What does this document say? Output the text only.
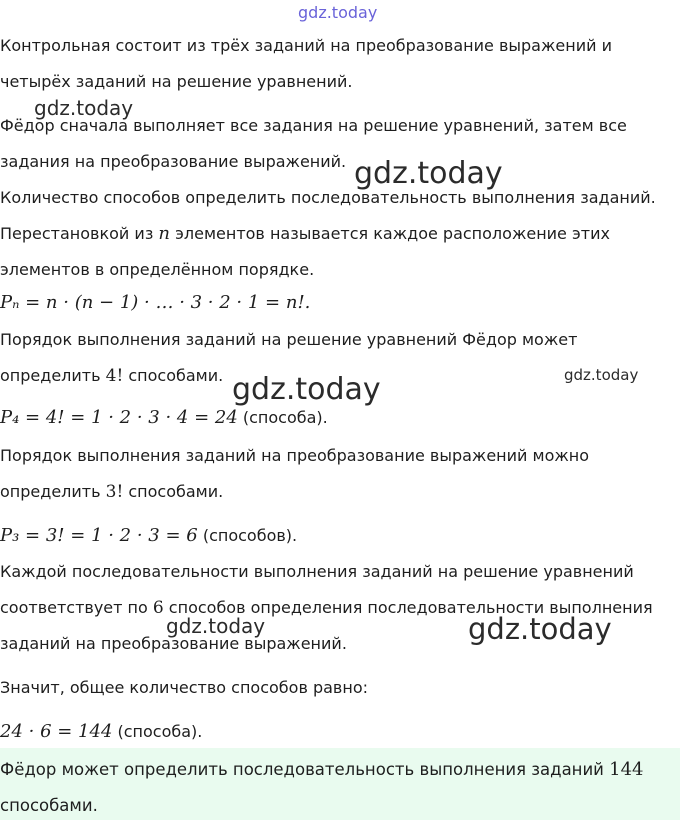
gdz.today
gdz.today
gdz.today
gdz.today	gdz.today
gdz.today	gdz.today
Контрольная состоит из трёх заданий на преобразование выражений и
четырёх заданий на решение уравнений.
Фёдор сначала выполняет все задания на решение уравнений, затем все
задания на преобразование выражений.
Количество способов определить последовательность выполнения заданий.
Перестановкой из n элементов называется каждое расположение этих
элементов в определённом порядке.
Pₙ = n · (n − 1) · … · 3 · 2 · 1 = n!.
Порядок выполнения заданий на решение уравнений Фёдор может
определить 4! способами.
P₄ = 4! = 1 · 2 · 3 · 4 = 24 (способа).
Порядок выполнения заданий на преобразование выражений можно
определить 3! способами.
P₃ = 3! = 1 · 2 · 3 = 6 (способов).
Каждой последовательности выполнения заданий на решение уравнений
соответствует по 6 способов определения последовательности выполнения
заданий на преобразование выражений.
Значит, общее количество способов равно:
24 · 6 = 144 (способа).
Фёдор может определить последовательность выполнения заданий 144
способами.
